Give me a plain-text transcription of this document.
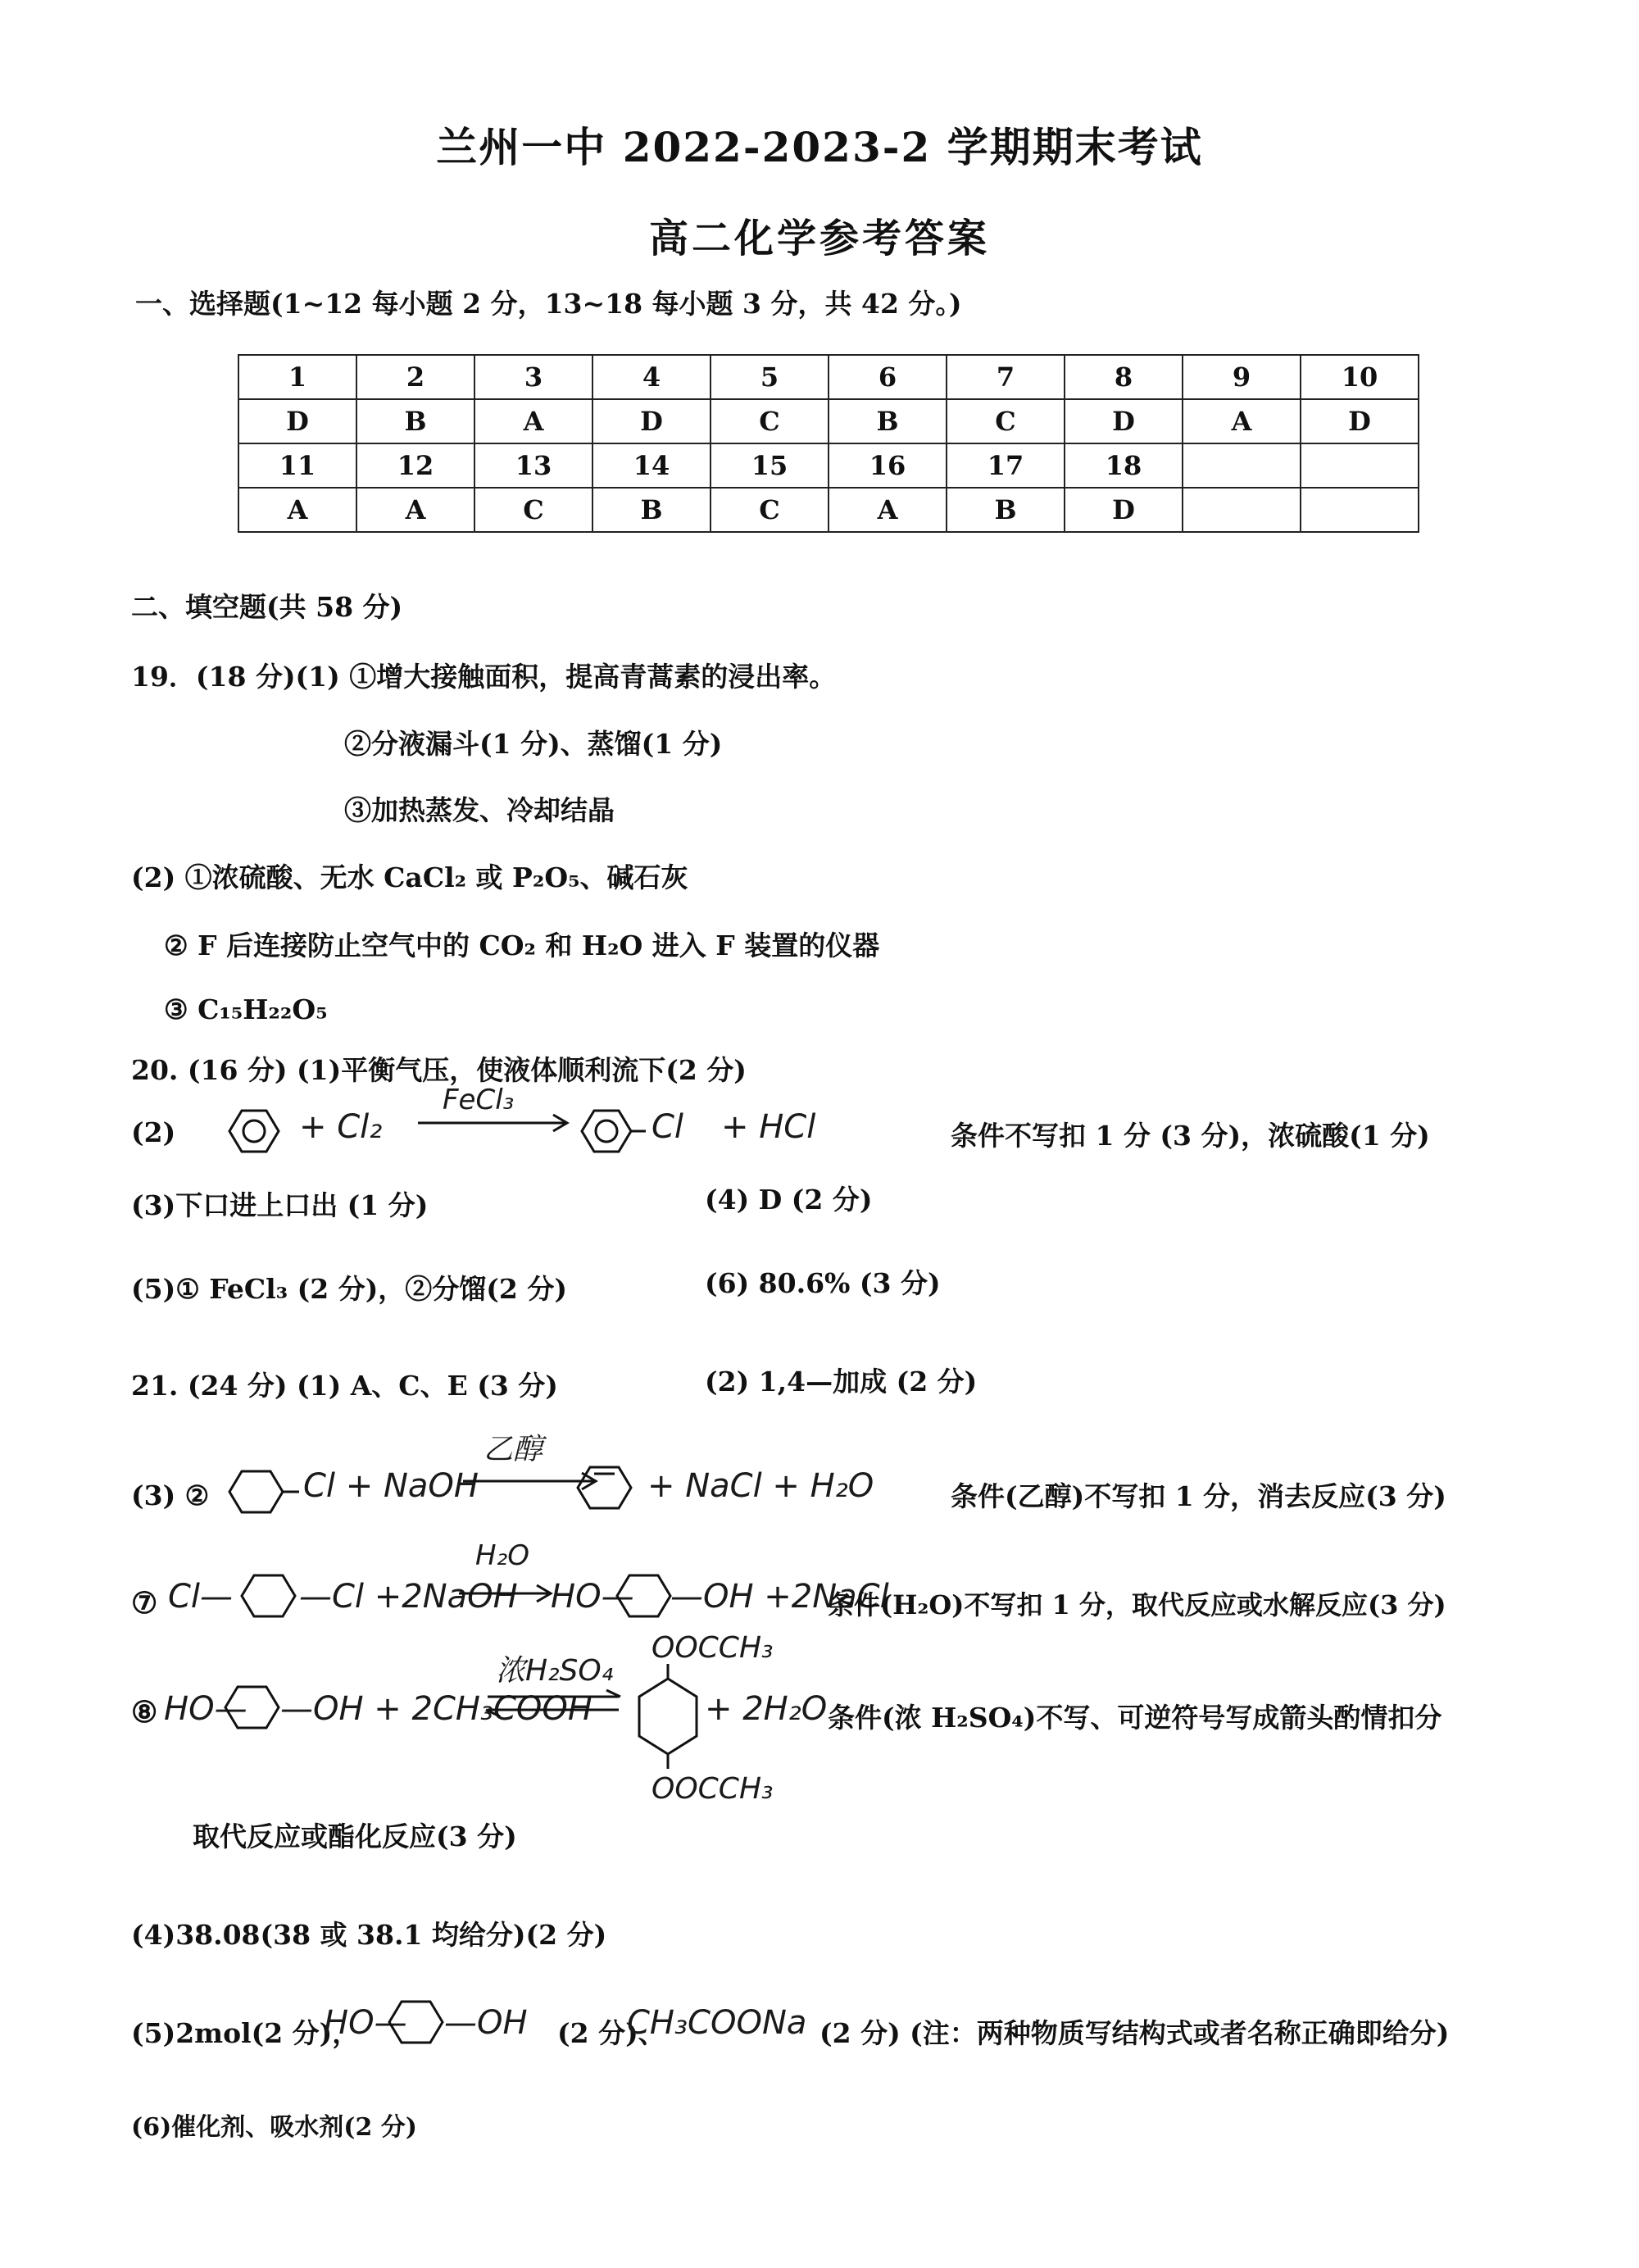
兰州一中 2022-2023-2 学期期末考试
高二化学参考答案
一、选择题(1~12 每小题 2 分，13~18 每小题 3 分，共 42 分。)
1	2	3	4	5	6	7	8	9	10
D	B	A	D	C	B	C	D	A	D
11	12	13	14	15	16	17	18		
A	A	C	B	C	A	B	D		
二、填空题(共 58 分)
19．(18 分)(1) ①增大接触面积，提高青蒿素的浸出率。
②分液漏斗(1 分)、蒸馏(1 分)
③加热蒸发、冷却结晶
(2) ①浓硫酸、无水 CaCl₂ 或 P₂O₅、碱石灰
② F 后连接防止空气中的 CO₂ 和 H₂O 进入 F 装置的仪器
③ C₁₅H₂₂O₅
20. (16 分) (1)平衡气压，使液体顺利流下(2 分)
(2)	+ Cl₂
FeCl₃
Cl + HCl	条件不写扣 1 分 (3 分)，浓硫酸(1 分)
(3)下口进上口出 (1 分)	(4) D (2 分)
(5)① FeCl₃ (2 分)，②分馏(2 分)	(6) 80.6% (3 分)
21. (24 分) (1) A、C、E (3 分)	(2) 1,4—加成 (2 分)
(3) ②	Cl + NaOH
乙醇
+ NaCl + H₂O	条件(乙醇)不写扣 1 分，消去反应(3 分)
⑦ Cl— —Cl +2NaOH
H₂O
HO— —OH +2NaCl
条件(H₂O)不写扣 1 分，取代反应或水解反应(3 分)
⑧ HO— —OH + 2CH₃COOH
浓H₂SO₄
OOCCH₃
OOCCH₃
+ 2H₂O 条件(浓 H₂SO₄)不写、可逆符号写成箭头酌情扣分
取代反应或酯化反应(3 分)
(4)38.08(38 或 38.1 均给分)(2 分)
(5)2mol(2 分)，
HO— —OH (2 分)、
CH₃COONa (2 分) (注：两种物质写结构式或者名称正确即给分)
(6)催化剂、吸水剂(2 分)
